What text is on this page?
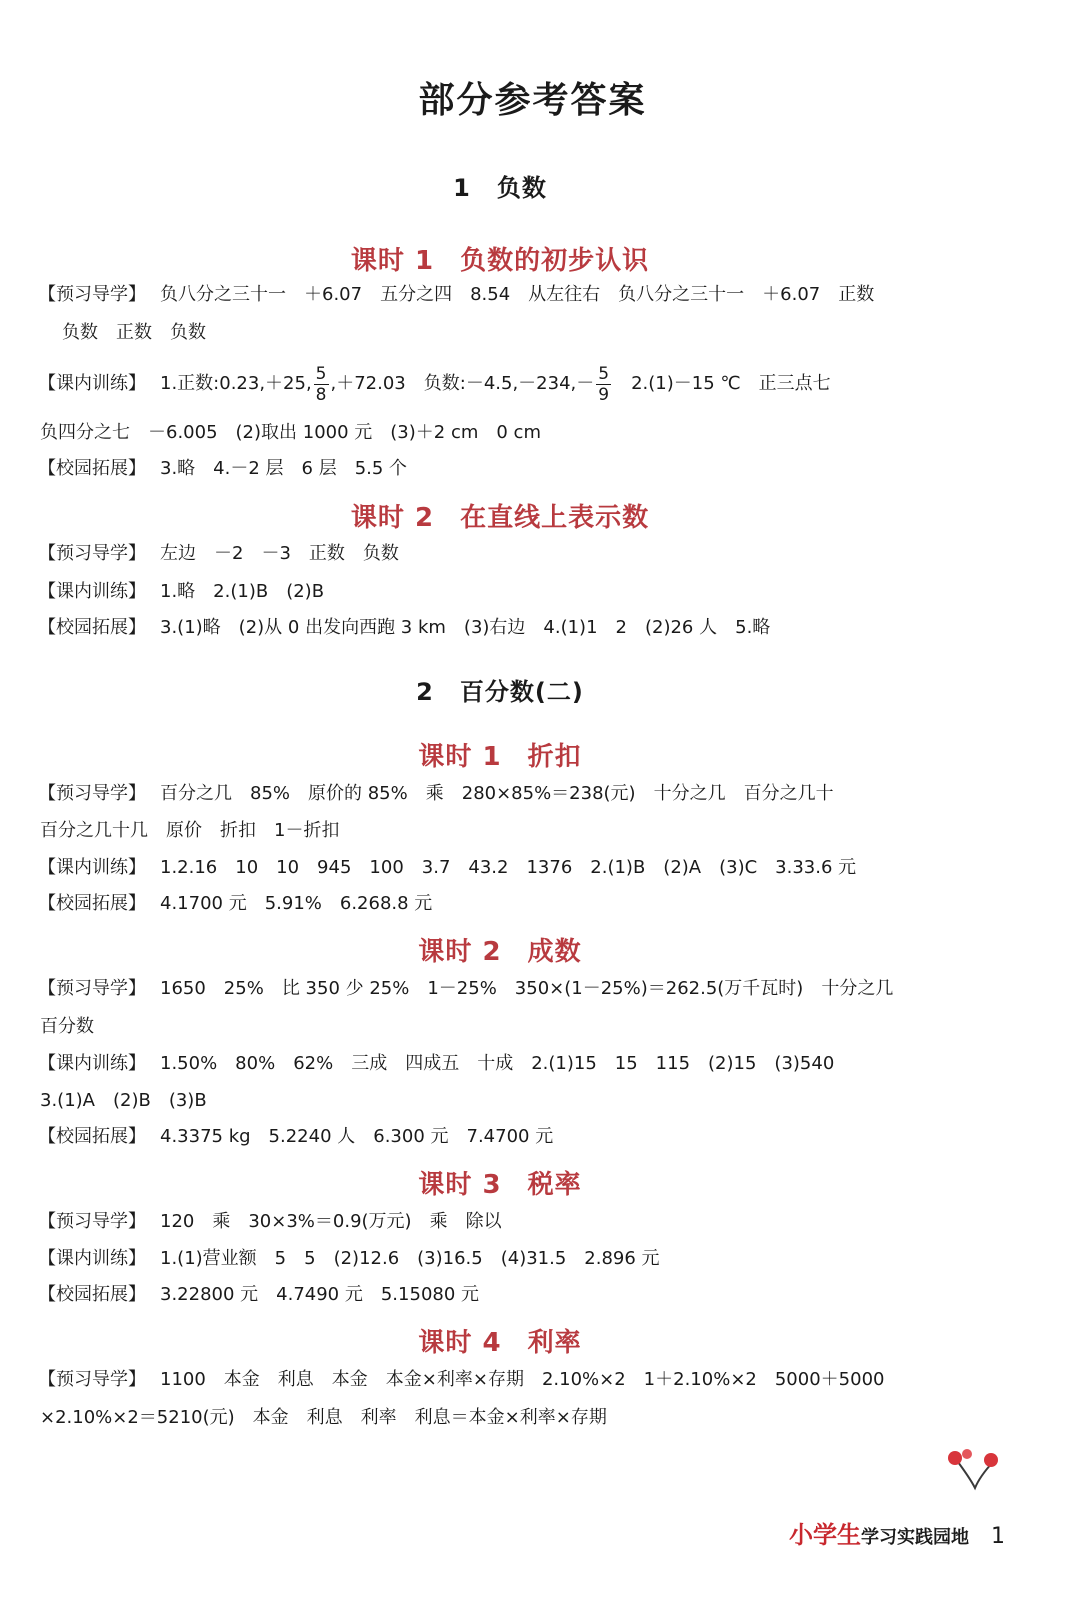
部分参考答案
1 负数
课时 1 负数的初步认识
【预习导学】 负八分之三十一　＋6.07　五分之四　8.54　从左往右　负八分之三十一　＋6.07　正数
负数　正数　负数
【课内训练】 1.正数:0.23,＋25, $\frac{5}{8} ,+72.03$　负数:－4.5,－234,－ $\frac{5}{9}$ 　2.(1)－15 ℃　正三点七
负四分之七　－6.005　(2)取出 1000 元　(3)＋2 cm　0 cm
【校园拓展】 3.略　4.－2 层　6 层　5.5 个
课时 2 在直线上表示数
【预习导学】 左边　－2　－3　正数　负数
【课内训练】 1.略　2.(1)B　(2)B
【校园拓展】 3.(1)略　(2)从 0 出发向西跑 3 km　(3)右边　4.(1)1　2　(2)26 人　5.略
2 百分数(二)
课时 1 折扣
【预习导学】 百分之几　85%　原价的 85%　乘　280×85%＝238(元)　十分之几　百分之几十
百分之几十几　原价　折扣　1－折扣
【课内训练】 1.2.16　10　10　945　100　3.7　43.2　1376　2.(1)B　(2)A　(3)C　3.33.6 元
【校园拓展】 4.1700 元　5.91%　6.268.8 元
课时 2 成数
【预习导学】 1650　25%　比 350 少 25%　1－25%　350×(1－25%)＝262.5(万千瓦时)　十分之几
百分数
【课内训练】 1.50%　80%　62%　三成　四成五　十成　2.(1)15　15　115　(2)15　(3)540
3.(1)A　(2)B　(3)B
【校园拓展】 4.3375 kg　5.2240 人　6.300 元　7.4700 元
课时 3 税率
【预习导学】 120　乘　30×3%＝0.9(万元)　乘　除以
【课内训练】 1.(1)营业额　5　5　(2)12.6　(3)16.5　(4)31.5　2.896 元
【校园拓展】 3.22800 元　4.7490 元　5.15080 元
课时 4 利率
【预习导学】 1100　本金　利息　本金　本金×利率×存期　2.10%×2　1＋2.10%×2　5000＋5000
×2.10%×2＝5210(元)　本金　利息　利率　利息＝本金×利率×存期
小学生学习实践园地 1
